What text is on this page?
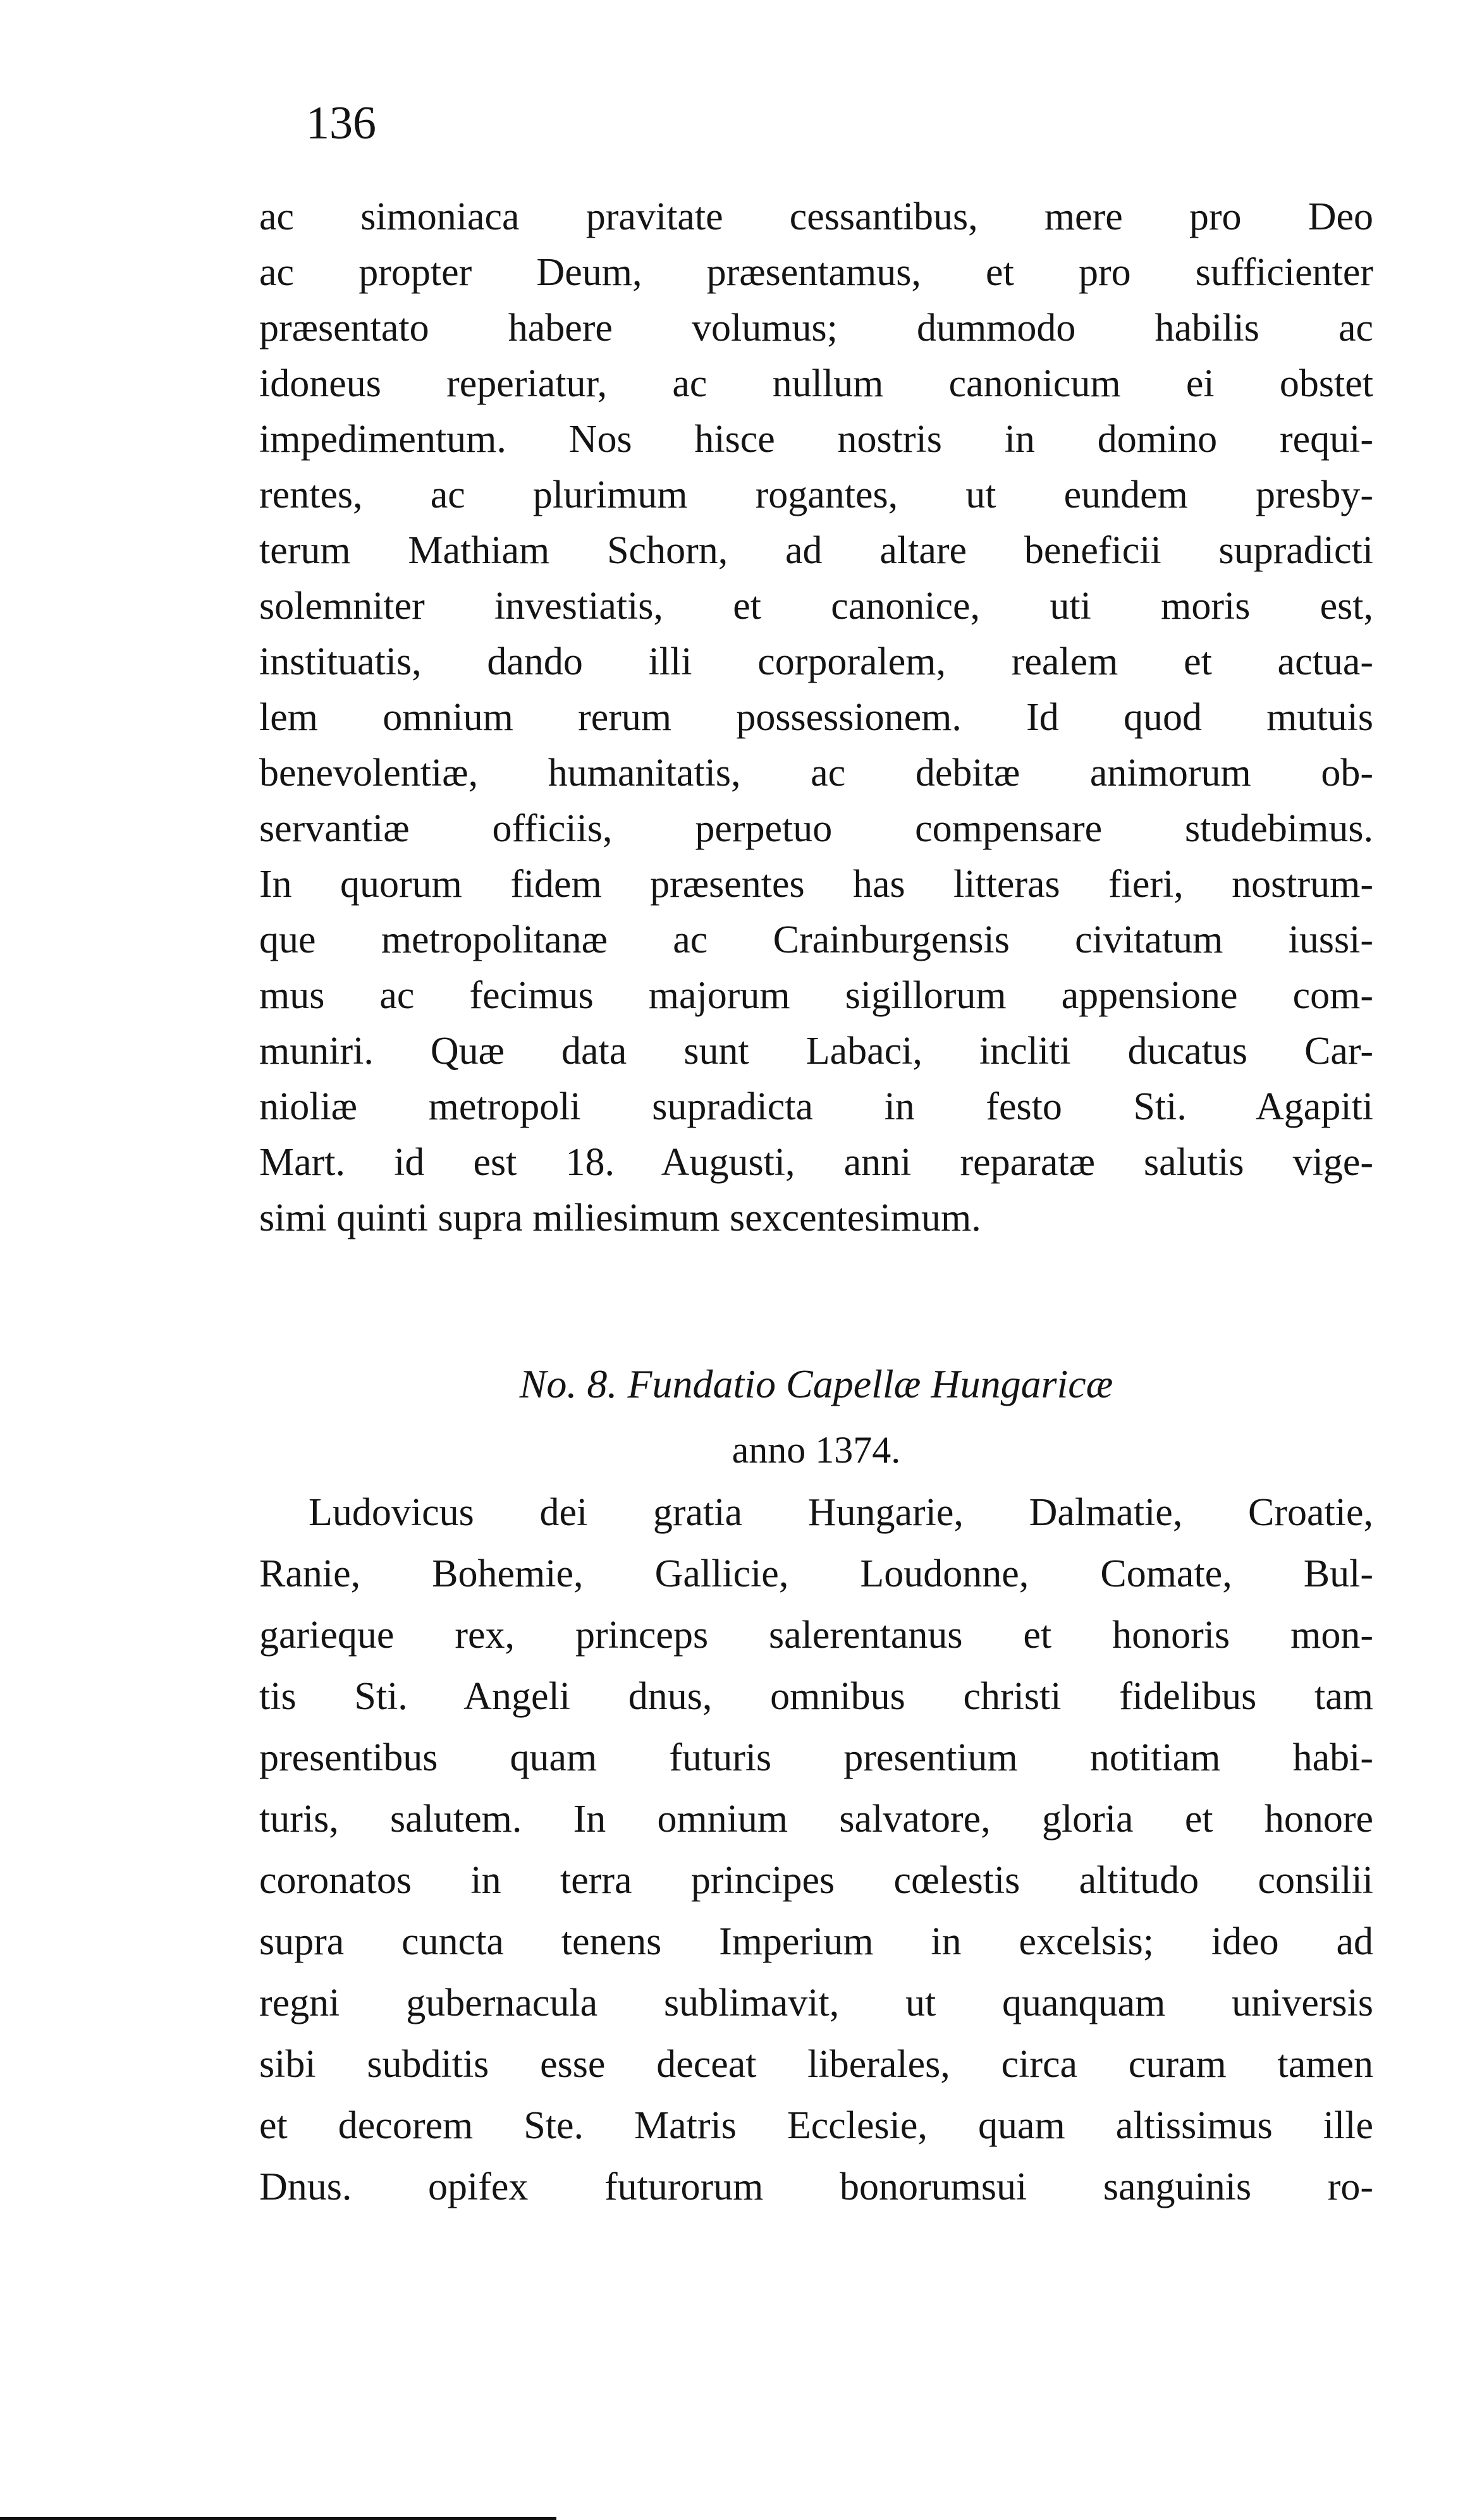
136
ac simoniaca pravitate cessantibus, mere pro Deo
ac propter Deum, præsentamus, et pro sufficienter
præsentato habere volumus; dummodo habilis ac
idoneus reperiatur, ac nullum canonicum ei obstet
impedimentum. Nos hisce nostris in domino requi-
rentes, ac plurimum rogantes, ut eundem presby-
terum Mathiam Schorn, ad altare beneficii supradicti
solemniter investiatis, et canonice, uti moris est,
instituatis, dando illi corporalem, realem et actua-
lem omnium rerum possessionem. Id quod mutuis
benevolentiæ, humanitatis, ac debitæ animorum ob-
servantiæ officiis, perpetuo compensare studebimus.
In quorum fidem præsentes has litteras fieri, nostrum-
que metropolitanæ ac Crainburgensis civitatum iussi-
mus ac fecimus majorum sigillorum appensione com-
muniri. Quæ data sunt Labaci, incliti ducatus Car-
nioliæ metropoli supradicta in festo Sti. Agapiti
Mart. id est 18. Augusti, anni reparatæ salutis vige-
simi quinti supra miliesimum sexcentesimum.
No. 8. Fundatio Capellæ Hungaricæ
anno 1374.
Ludovicus dei gratia Hungarie, Dalmatie, Croatie,
Ranie, Bohemie, Gallicie, Loudonne, Comate, Bul-
garieque rex, princeps salerentanus et honoris mon-
tis Sti. Angeli dnus, omnibus christi fidelibus tam
presentibus quam futuris presentium notitiam habi-
turis, salutem. In omnium salvatore, gloria et honore
coronatos in terra principes cœlestis altitudo consilii
supra cuncta tenens Imperium in excelsis; ideo ad
regni gubernacula sublimavit, ut quanquam universis
sibi subditis esse deceat liberales, circa curam tamen
et decorem Ste. Matris Ecclesie, quam altissimus ille
Dnus. opifex futurorum bonorumsui sanguinis ro-
